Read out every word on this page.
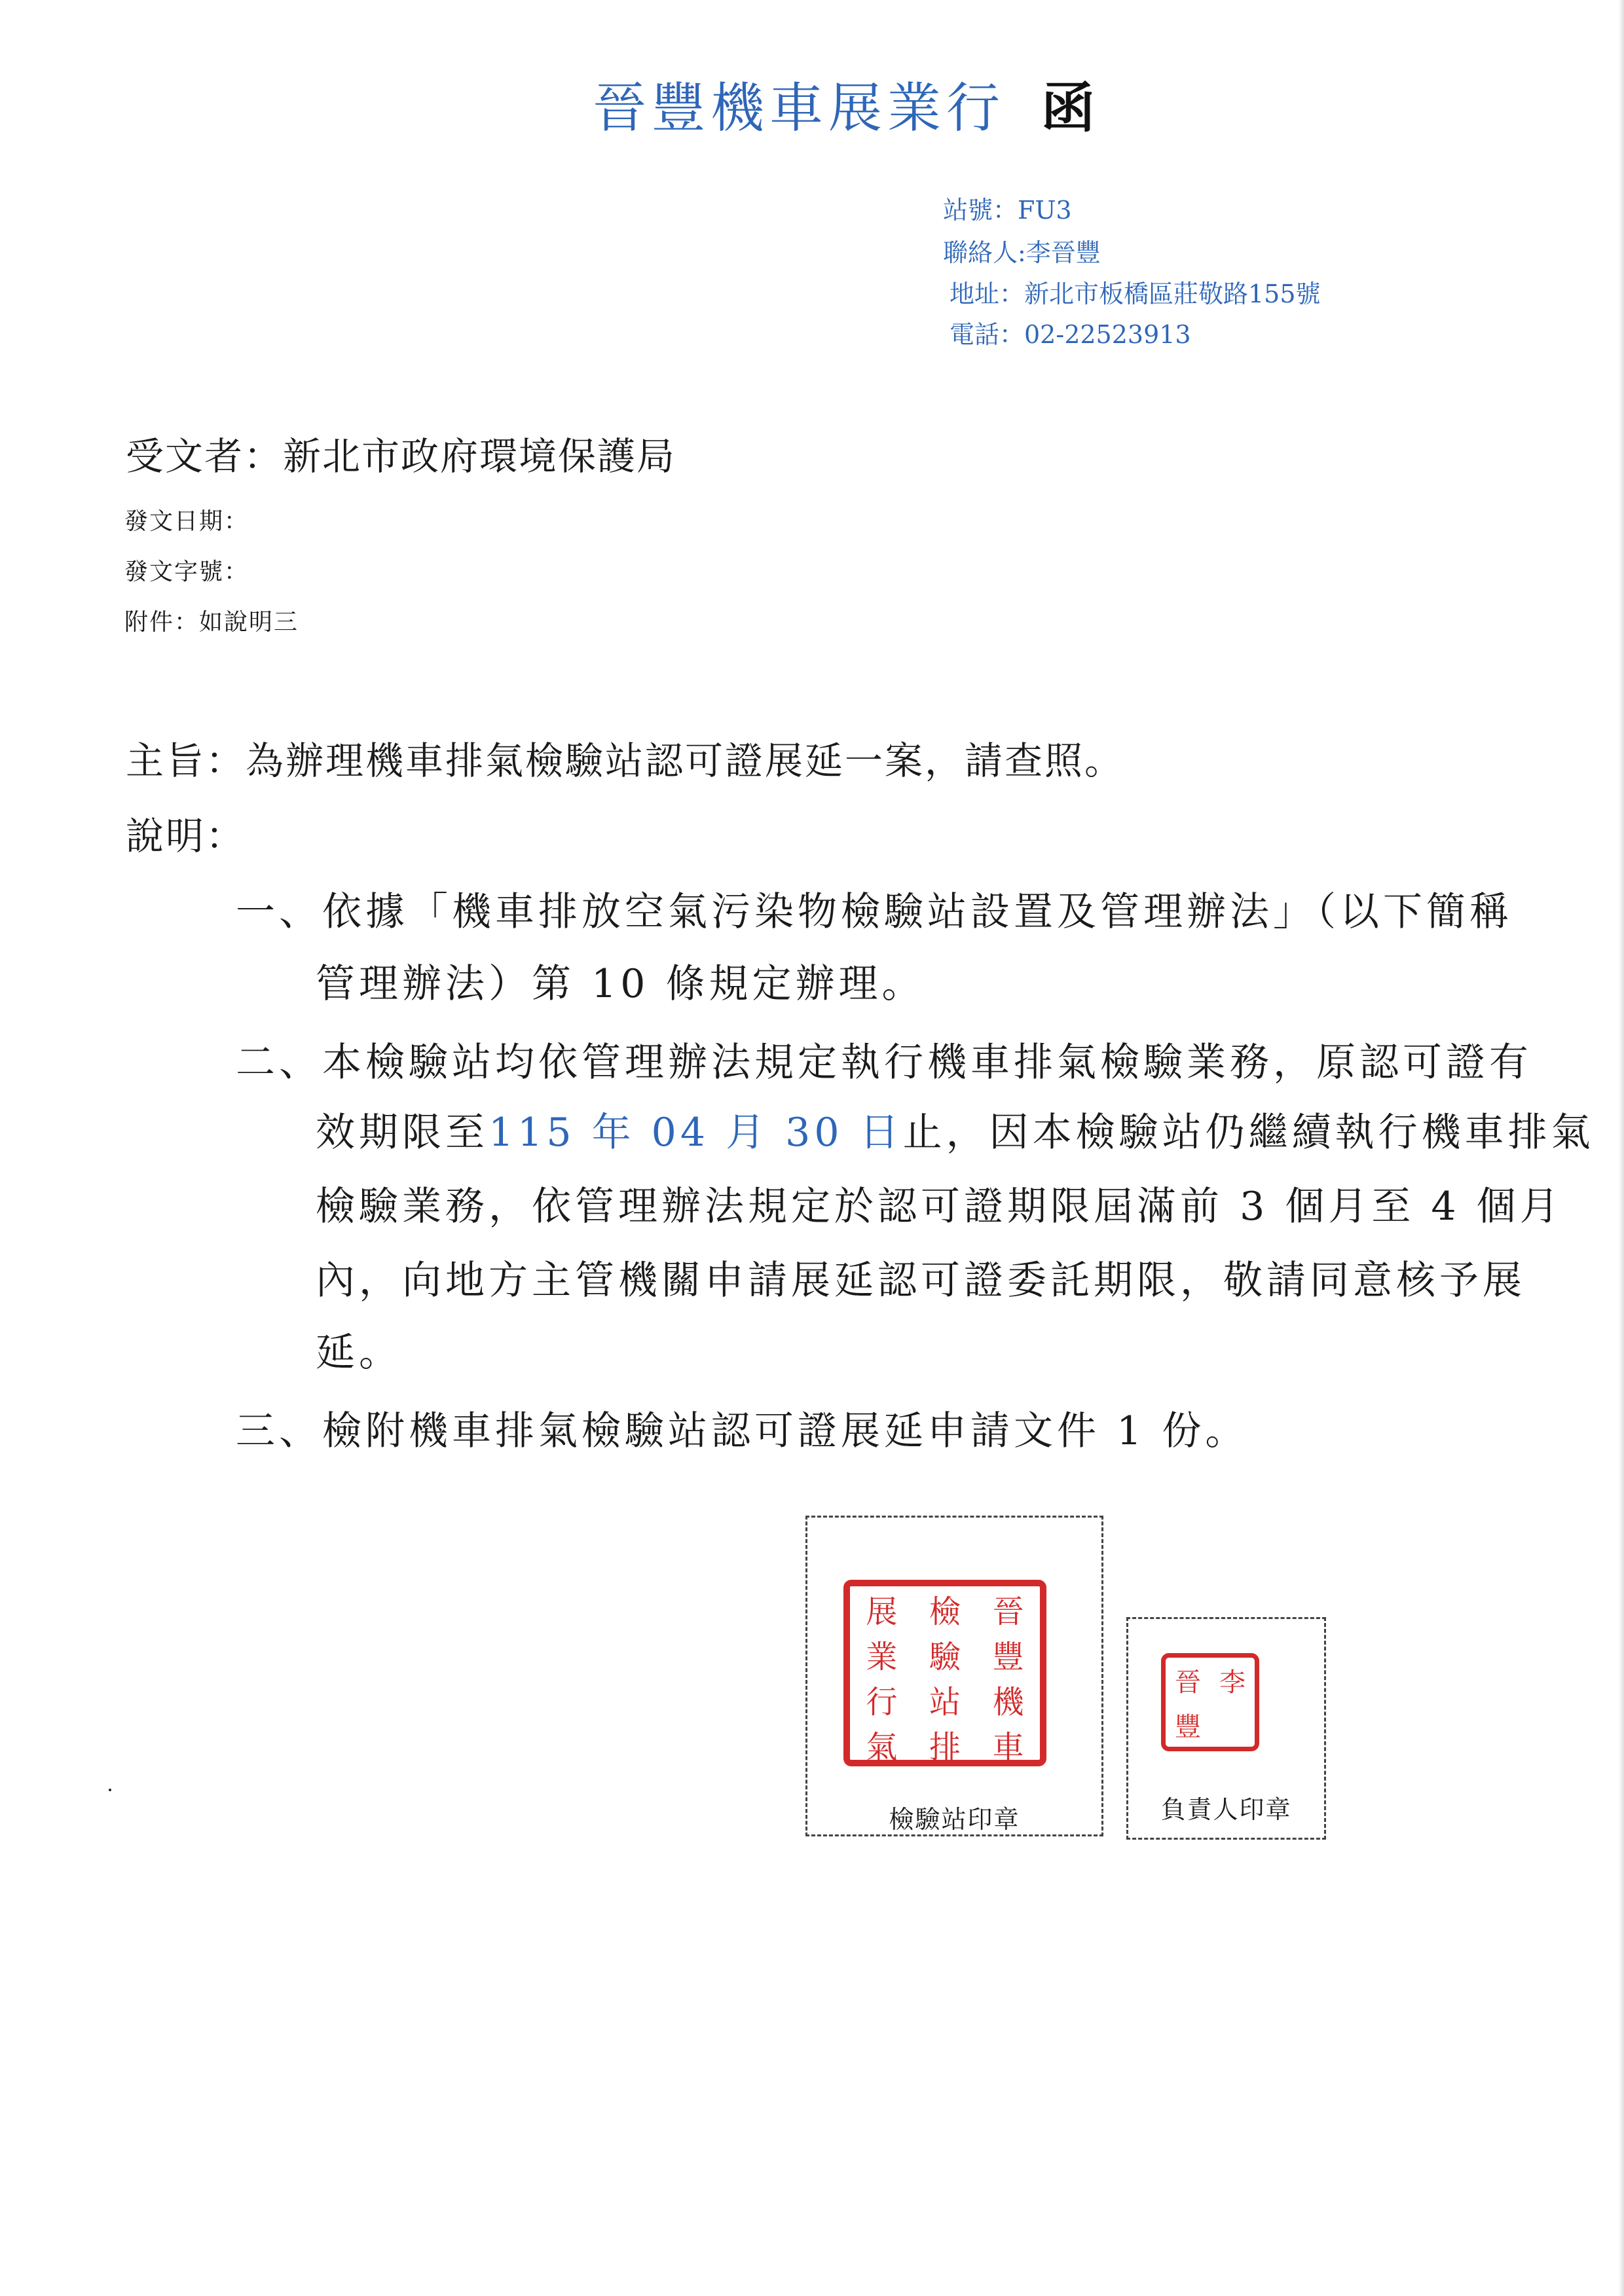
晉豐機車展業行 函
站號：FU3
聯絡人:李晉豐
地址：新北市板橋區莊敬路155號
電話：02-22523913
受文者：新北市政府環境保護局
發文日期：
發文字號：
附件：如說明三
主旨：為辦理機車排氣檢驗站認可證展延一案，請查照。
說明：
一、依據「機車排放空氣污染物檢驗站設置及管理辦法」（以下簡稱
管理辦法）第 10 條規定辦理。
二、本檢驗站均依管理辦法規定執行機車排氣檢驗業務，原認可證有
效期限至115 年 04 月 30 日止，因本檢驗站仍繼續執行機車排氣
檢驗業務，依管理辦法規定於認可證期限屆滿前 3 個月至 4 個月
內，向地方主管機關申請展延認可證委託期限，敬請同意核予展
延。
三、檢附機車排氣檢驗站認可證展延申請文件 1 份。
展	檢	晉
業	驗	豐
行	站	機
氣	排	車
檢驗站印章
晉 李
豐
負責人印章
